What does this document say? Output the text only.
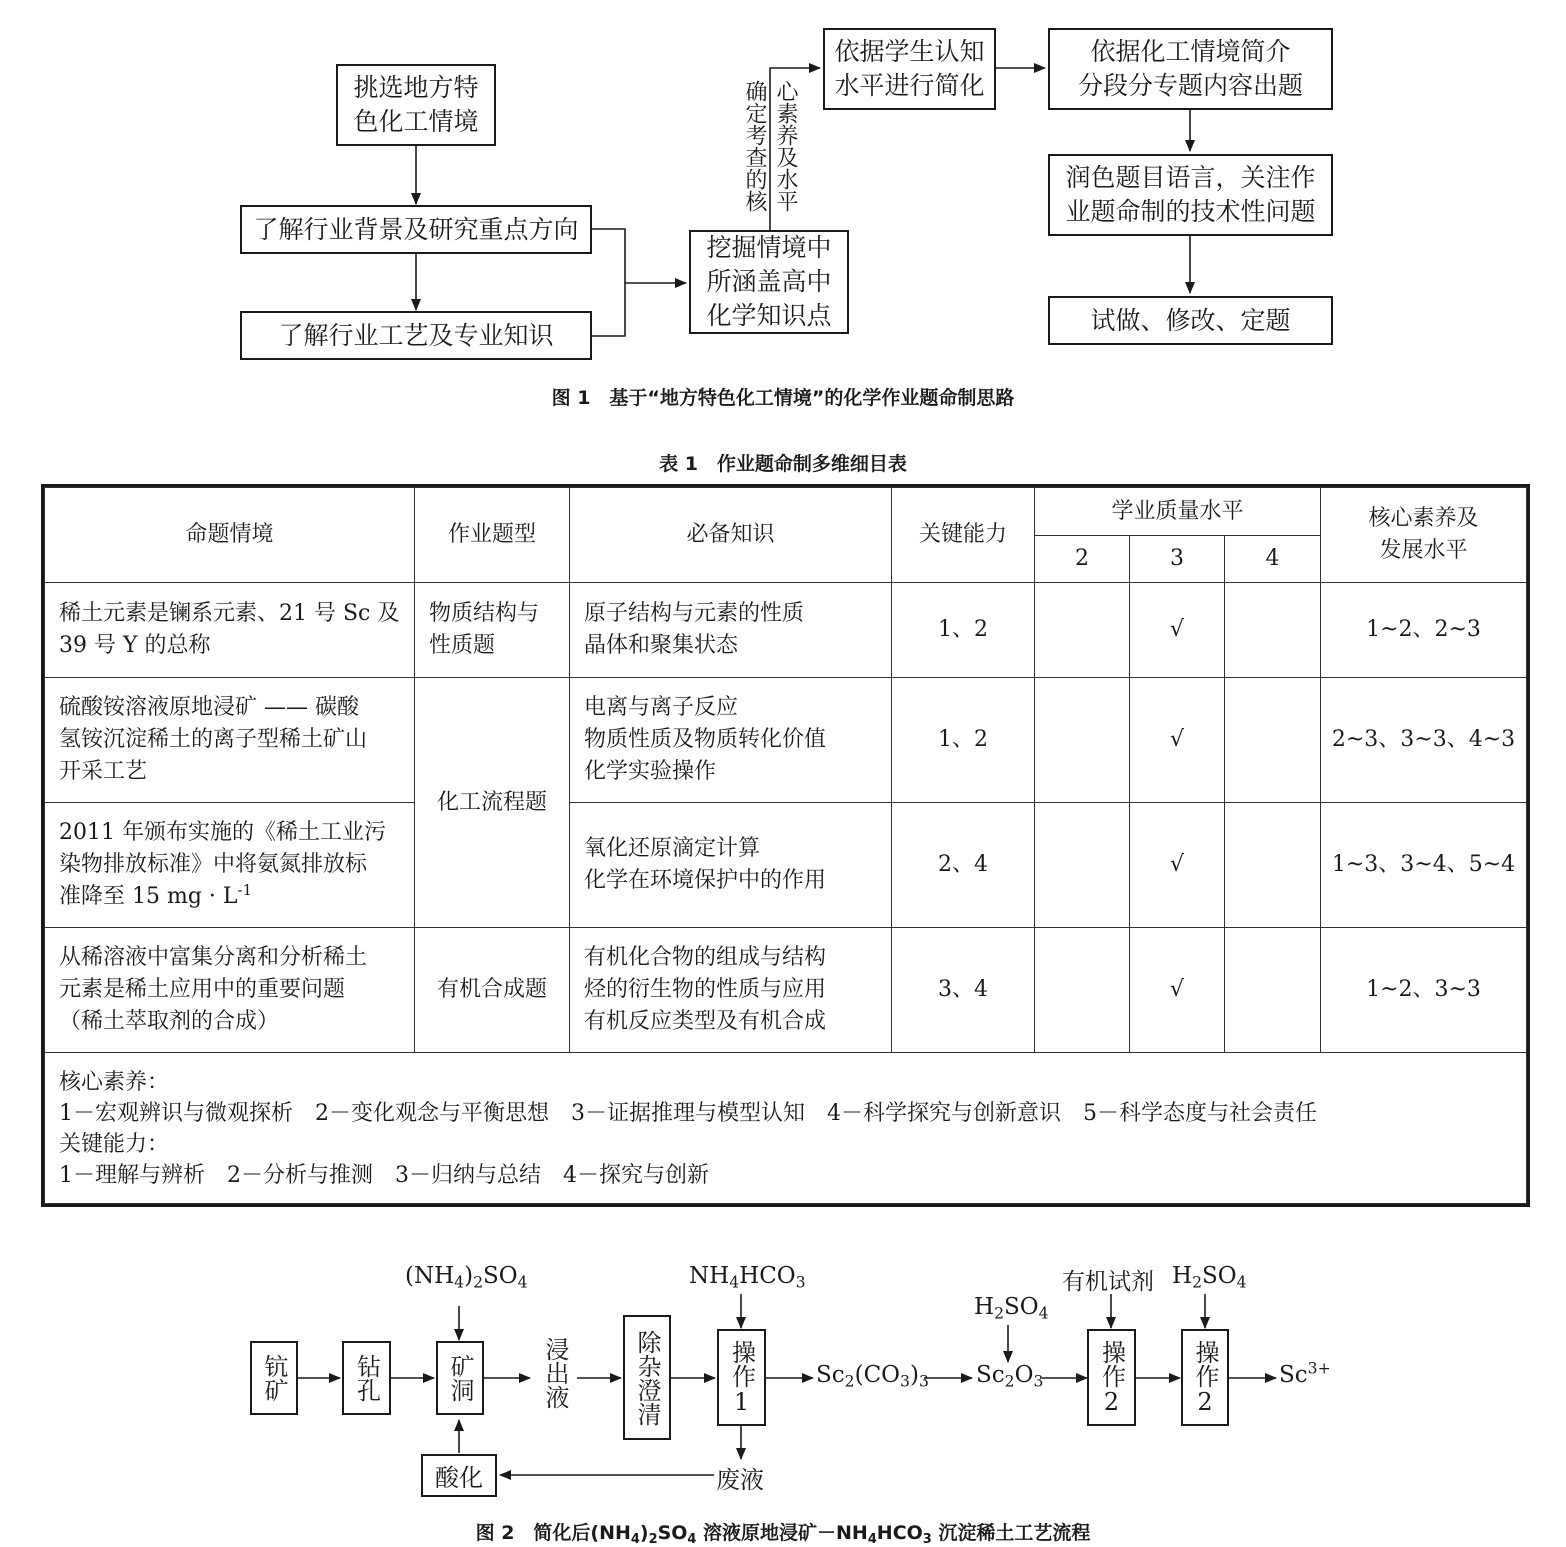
挑选地方特
色化工情境
了解行业背景及研究重点方向
了解行业工艺及专业知识
挖掘情境中
所涵盖高中
化学知识点
确定考查的核 心素养及水平
依据学生认知
水平进行简化
依据化工情境简介
分段分专题内容出题
润色题目语言，关注作
业题命制的技术性问题
试做、修改、定题
图 1　基于“地方特色化工情境”的化学作业题命制思路
表 1　作业题命制多维细目表
命题情境	作业题型	必备知识	关键能力	学业质量水平	核心素养及
发展水平

2	3	4

稀土元素是镧系元素、21 号 Sc 及
39 号 Y 的总称

物质结构与
性质题

原子结构与元素的性质
晶体和聚集状态
	1、2		√		1~2、2~3

硫酸铵溶液原地浸矿 —— 碳酸
氢铵沉淀稀土的离子型稀土矿山
开采工艺
	化工流程题	
电离与离子反应
物质性质及物质转化价值
化学实验操作
	1、2		√		2~3、3~3、4~3

2011 年颁布实施的《稀土工业污
染物排放标准》中将氨氮排放标
准降至 15 mg · $L^{-1}$

氧化还原滴定计算
化学在环境保护中的作用
	2、4		√		1~3、3~4、5~4

从稀溶液中富集分离和分析稀土
元素是稀土应用中的重要问题
（稀土萃取剂的合成）
	有机合成题	
有机化合物的组成与结构
烃的衍生物的性质与应用
有机反应类型及有机合成
	3、4		√		1~2、3~3

核心素养：
1－宏观辨识与微观探析　2－变化观念与平衡思想　3－证据推理与模型认知　4－科学探究与创新意识　5－科学态度与社会责任
关键能力：
1－理解与辨析　2－分析与推测　3－归纳与总结　4－探究与创新
钪矿	钻孔	矿洞	浸出液	除杂澄清	操作1	操作2	操作2
酸化	废液
$(NH_4)_2SO_4$	$NH_4HCO_3$
$Sc_2(CO_3)_3$
$H_2SO_4$
$Sc_2O_3$
有机试剂 $H_2SO_4$
$Sc^{3+}$
图 2　简化后$(NH_4)_2SO_4$ 溶液原地浸矿$-NH_4HCO_3$ 沉淀稀土工艺流程
